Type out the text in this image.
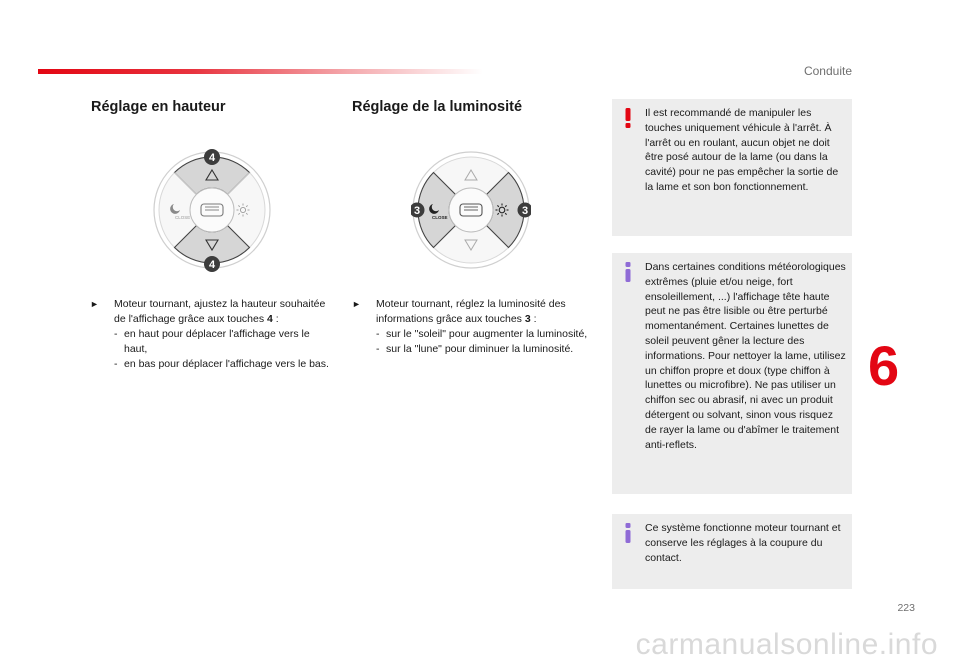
Conduite
Réglage en hauteur
CLOSE
4
4
► Moteur tournant, ajustez la hauteur souhaitée de l'affichage grâce aux touches 4 :
- en haut pour déplacer l'affichage vers le haut,
- en bas pour déplacer l'affichage vers le bas.
Réglage de la luminosité
CLOSE
3	3
► Moteur tournant, réglez la luminosité des informations grâce aux touches 3 :
- sur le "soleil" pour augmenter la luminosité,
- sur la "lune" pour diminuer la luminosité.
Il est recommandé de manipuler les touches uniquement véhicule à l'arrêt. À l'arrêt ou en roulant, aucun objet ne doit être posé autour de la lame (ou dans la cavité) pour ne pas empêcher la sortie de la lame et son bon fonctionnement.
Dans certaines conditions météorologiques extrêmes (pluie et/ou neige, fort ensoleillement, ...) l'affichage tête haute peut ne pas être lisible ou être perturbé momentanément. Certaines lunettes de soleil peuvent gêner la lecture des informations. Pour nettoyer la lame, utilisez un chiffon propre et doux (type chiffon à lunettes ou microfibre). Ne pas utiliser un chiffon sec ou abrasif, ni avec un produit détergent ou solvant, sinon vous risquez de rayer la lame ou d'abîmer le traitement anti-reflets.
Ce système fonctionne moteur tournant et conserve les réglages à la coupure du contact.
6
223
carmanualsonline.info
